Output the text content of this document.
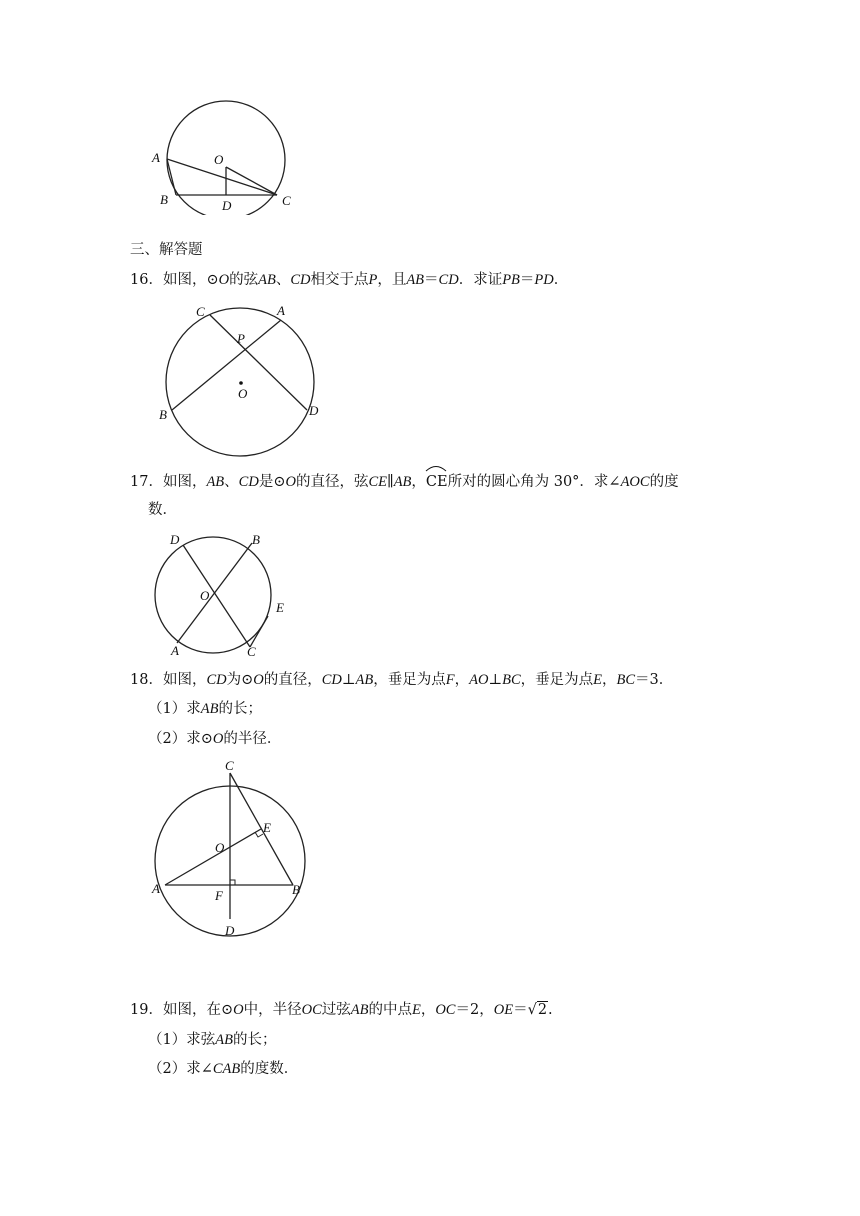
A	O
B	D	C
三、解答题
16．如图，⊙O的弦AB、CD相交于点P，且AB＝CD．求证PB＝PD．
C	A
P
O
B	D
17．如图，AB、CD是⊙O的直径，弦CE∥AB，
CE所对的圆心角为 30°．求∠AOC的度
数．
D	B
O
E
A	C
18．如图，CD为⊙O的直径，CD⊥AB，垂足为点F，AO⊥BC，垂足为点E，BC＝3．
（1）求AB的长；
（2）求⊙O的半径．
C
E
O
A	F	B
D
19．如图，在⊙O中，半径OC过弦AB的中点E，OC＝2，OE＝√2.
（1）求弦AB的长；
（2）求∠CAB的度数．
